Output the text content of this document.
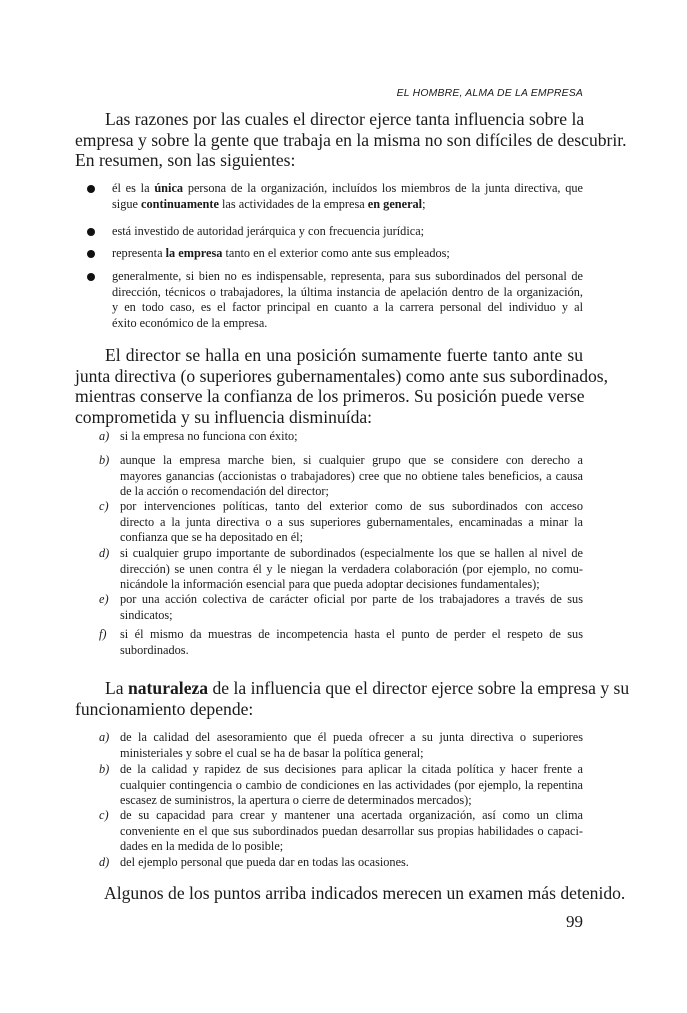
EL HOMBRE, ALMA DE LA EMPRESA
Las razones por las cuales el director ejerce tanta influencia sobre la
empresa y sobre la gente que trabaja en la misma no son difíciles de descubrir.
En resumen, son las siguientes:
él es la única persona de la organización, incluídos los miembros de la junta directiva, que
sigue continuamente las actividades de la empresa en general;
está investido de autoridad jerárquica y con frecuencia jurídica;
representa la empresa tanto en el exterior como ante sus empleados;
generalmente, si bien no es indispensable, representa, para sus subordinados del personal de
dirección, técnicos o trabajadores, la última instancia de apelación dentro de la organización,
y en todo caso, es el factor principal en cuanto a la carrera personal del individuo y al
éxito económico de la empresa.
El director se halla en una posición sumamente fuerte tanto ante su
junta directiva (o superiores gubernamentales) como ante sus subordinados,
mientras conserve la confianza de los primeros. Su posición puede verse
comprometida y su influencia disminuída:
a) si la empresa no funciona con éxito;
b) aunque la empresa marche bien, si cualquier grupo que se considere con derecho a
mayores ganancias (accionistas o trabajadores) cree que no obtiene tales beneficios, a causa
de la acción o recomendación del director;
c) por intervenciones políticas, tanto del exterior como de sus subordinados con acceso
directo a la junta directiva o a sus superiores gubernamentales, encaminadas a minar la
confianza que se ha depositado en él;
d) si cualquier grupo importante de subordinados (especialmente los que se hallen al nivel de
dirección) se unen contra él y le niegan la verdadera colaboración (por ejemplo, no comu-
nicándole la información esencial para que pueda adoptar decisiones fundamentales);
e) por una acción colectiva de carácter oficial por parte de los trabajadores a través de sus
sindicatos;
f) si él mismo da muestras de incompetencia hasta el punto de perder el respeto de sus
subordinados.
La naturaleza de la influencia que el director ejerce sobre la empresa y su
funcionamiento depende:
a) de la calidad del asesoramiento que él pueda ofrecer a su junta directiva o superiores
ministeriales y sobre el cual se ha de basar la política general;
b) de la calidad y rapidez de sus decisiones para aplicar la citada política y hacer frente a
cualquier contingencia o cambio de condiciones en las actividades (por ejemplo, la repentina
escasez de suministros, la apertura o cierre de determinados mercados);
c) de su capacidad para crear y mantener una acertada organización, así como un clima
conveniente en el que sus subordinados puedan desarrollar sus propias habilidades o capaci-
dades en la medida de lo posible;
d) del ejemplo personal que pueda dar en todas las ocasiones.
Algunos de los puntos arriba indicados merecen un examen más detenido.
99
